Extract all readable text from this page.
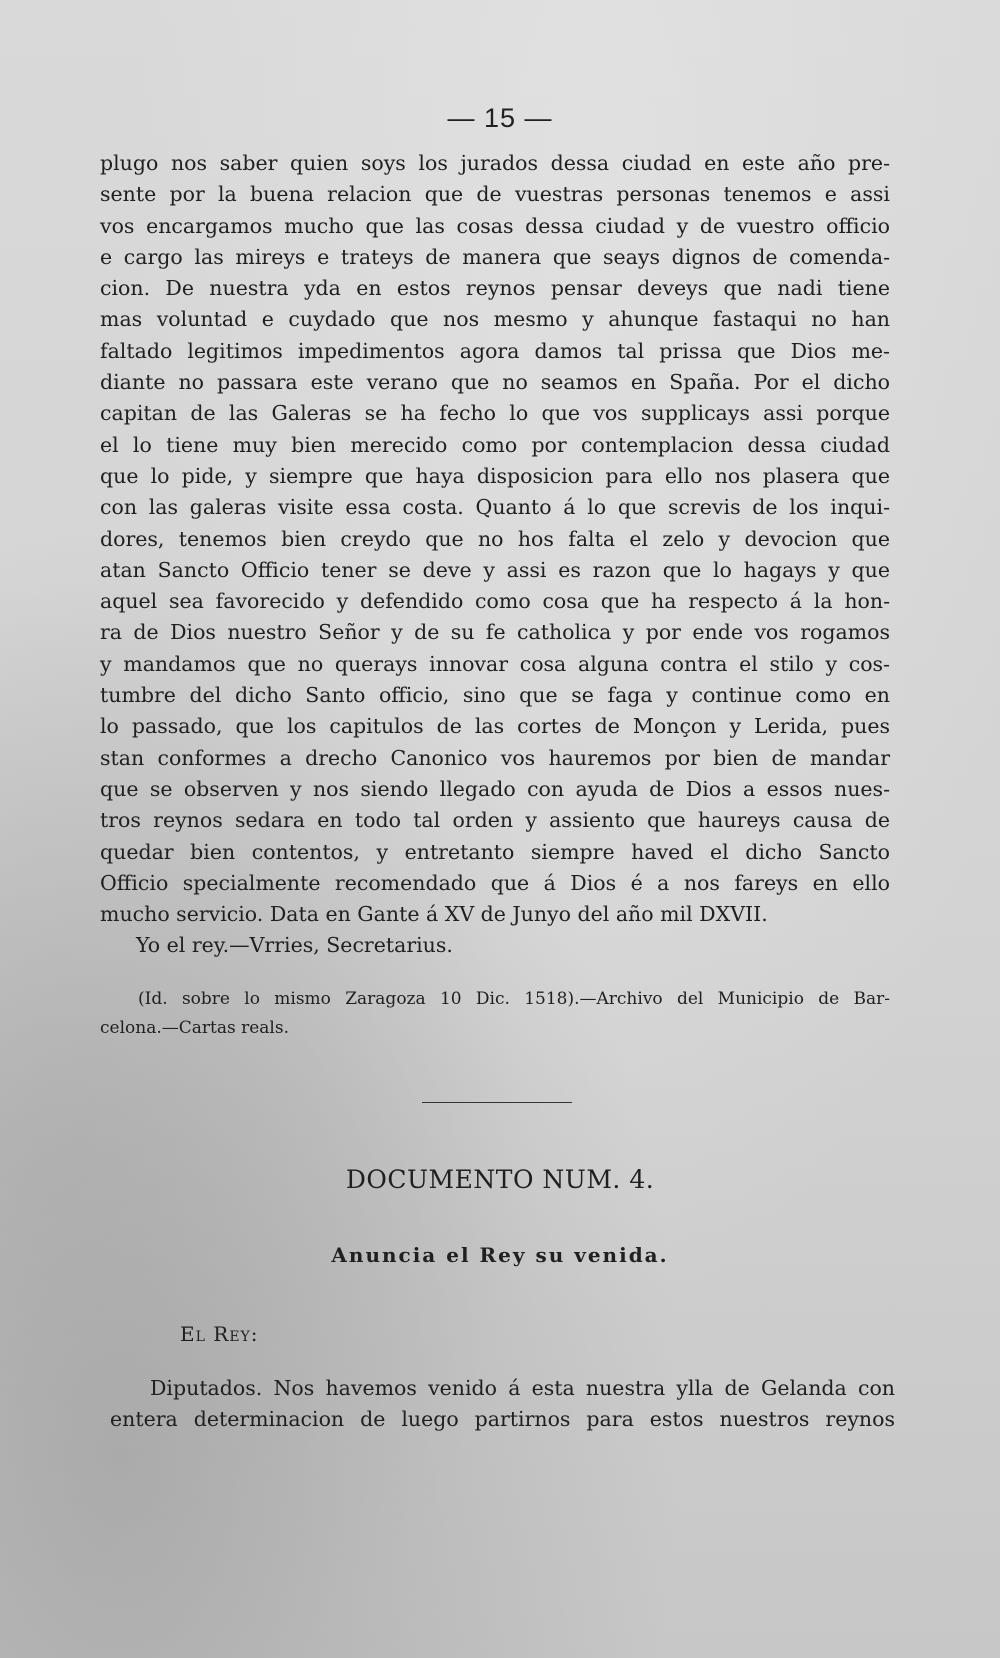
— 15 —
plugo nos saber quien soys los jurados dessa ciudad en este año pre-
sente por la buena relacion que de vuestras personas tenemos e assi
vos encargamos mucho que las cosas dessa ciudad y de vuestro officio
e cargo las mireys e trateys de manera que seays dignos de comenda-
cion. De nuestra yda en estos reynos pensar deveys que nadi tiene
mas voluntad e cuydado que nos mesmo y ahunque fastaqui no han
faltado legitimos impedimentos agora damos tal prissa que Dios me-
diante no passara este verano que no seamos en Spaña. Por el dicho
capitan de las Galeras se ha fecho lo que vos supplicays assi porque
el lo tiene muy bien merecido como por contemplacion dessa ciudad
que lo pide, y siempre que haya disposicion para ello nos plasera que
con las galeras visite essa costa. Quanto á lo que screvis de los inqui-
dores, tenemos bien creydo que no hos falta el zelo y devocion que
atan Sancto Officio tener se deve y assi es razon que lo hagays y que
aquel sea favorecido y defendido como cosa que ha respecto á la hon-
ra de Dios nuestro Señor y de su fe catholica y por ende vos rogamos
y mandamos que no querays innovar cosa alguna contra el stilo y cos-
tumbre del dicho Santo officio, sino que se faga y continue como en
lo passado, que los capitulos de las cortes de Monçon y Lerida, pues
stan conformes a drecho Canonico vos hauremos por bien de mandar
que se observen y nos siendo llegado con ayuda de Dios a essos nues-
tros reynos sedara en todo tal orden y assiento que haureys causa de
quedar bien contentos, y entretanto siempre haved el dicho Sancto
Officio specialmente recomendado que á Dios é a nos fareys en ello
mucho servicio. Data en Gante á XV de Junyo del año mil DXVII.
Yo el rey.—Vrries, Secretarius.
(Id. sobre lo mismo Zaragoza 10 Dic. 1518).—Archivo del Municipio de Bar-
celona.—Cartas reals.
DOCUMENTO NUM. 4.
Anuncia el Rey su venida.
El Rey:
Diputados. Nos havemos venido á esta nuestra ylla de Gelanda con
entera determinacion de luego partirnos para estos nuestros reynos
